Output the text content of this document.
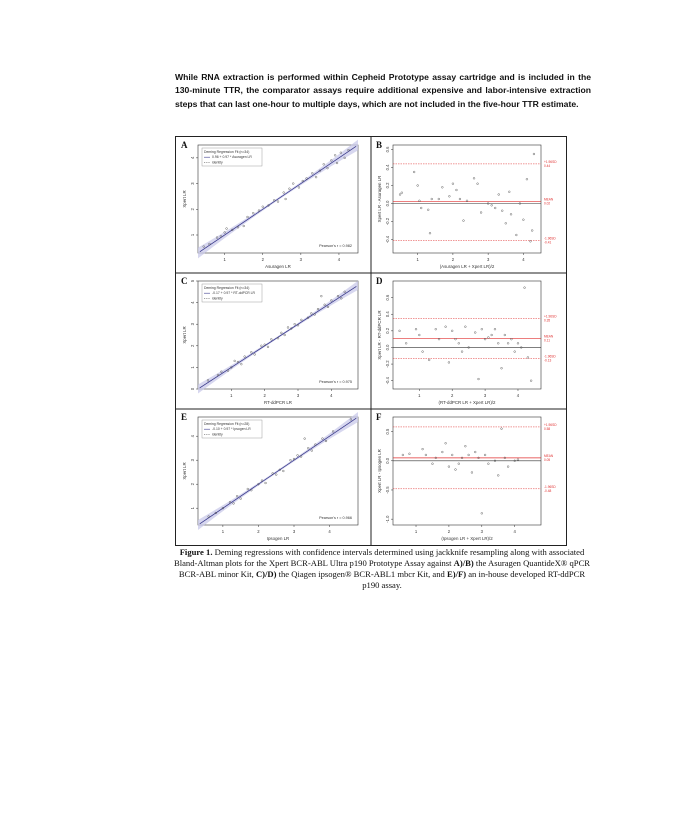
While RNA extraction is performed within Cepheid Prototype assay cartridge and is included in the 130-minute TTR, the comparator assays require additional expensive and labor-intensive extraction steps that can last one-hour to multiple days, which are not included in the five-hour TTR estimate.
A
1	2	3	4
1
2
3
4
Asuragen LR
Xpert LR
Deming Regression Fit (n=34)
0.96 + 0.97 * Asuragen LR
identity
Pearson's r = 0.982
B
1	2	3	4
-0.4
-0.2
0.0
0.2
0.4
0.6
(Asuragen LR + Xpert LR)/2
Xpert LR - Asuragen LR	MEAN
0.02
+1.96SD
0.44
-1.96SD
-0.41
C
1	2	3	4
0
1
2
3
4
5
RT-ddPCR LR
Xpert LR
Deming Regression Fit (n=34)
-0.17 + 0.97 * RT-ddPCR LR
identity
Pearson's r = 0.975
D
1	2	3	4
-0.4
-0.2
0.0
0.2
0.4
0.6
(RT-ddPCR LR + Xpert LR)/2
Xpert LR - RT-ddPCR LR	MEAN
0.11
+1.96SD
0.35
-1.96SD
-0.13
E
1	2	3	4
1
2
3
4
Ipsogen LR
Xpert LR
Deming Regression Fit (n=28)
-0.10 + 0.97 * Ipsogen LR
identity
Pearson's r = 0.966
F
1	2	3	4
-1.0
-0.5
0.0
0.5
(Ipsogen LR + Xpert LR)/2
Xpert LR - Ipsogen LR	MEAN
0.05
+1.96SD
0.58
-1.96SD
-0.48
Figure 1. Deming regressions with confidence intervals determined using jackknife resampling along with associated Bland-Altman plots for the Xpert BCR-ABL Ultra p190 Prototype Assay against A)/B) the Asuragen QuantideX® qPCR BCR-ABL minor Kit, C)/D) the Qiagen ipsogen® BCR-ABL1 mbcr Kit, and E)/F) an in-house developed RT-ddPCR p190 assay.
